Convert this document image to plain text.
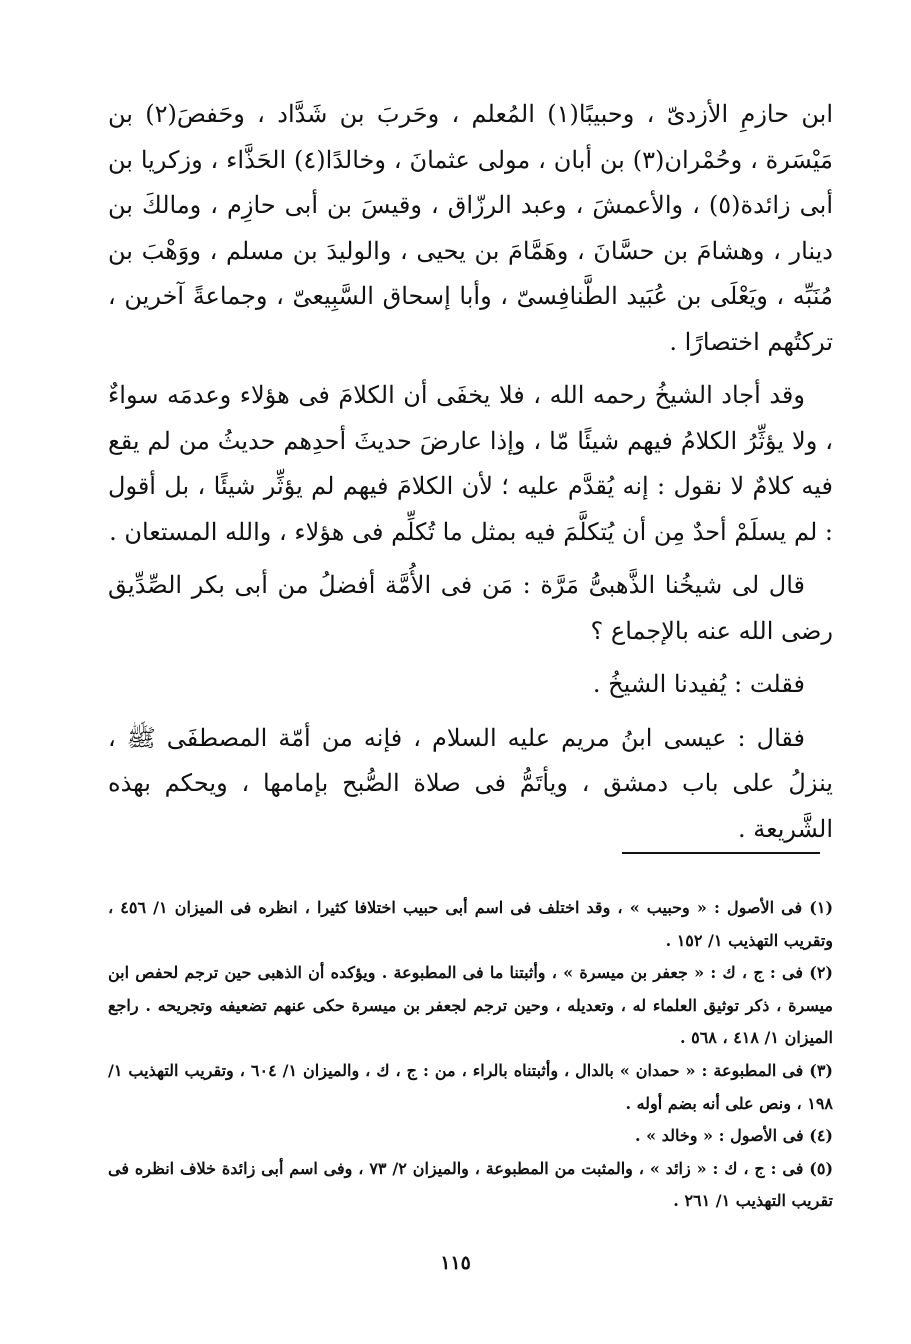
ابن حازمِ الأزدىّ ، وحبيبًا(١) المُعلم ، وحَربَ بن شَدَّاد ، وحَفصَ(٢) بن مَيْسَرة ، وحُمْران(٣) بن أبان ، مولى عثمانَ ، وخالدًا(٤) الحَذَّاء ، وزكريا بن أبى زائدة(٥) ، والأعمشَ ، وعبد الرزّاق ، وقيسَ بن أبى حازِم ، ومالكَ بن دينار ، وهشامَ بن حسَّانَ ، وهَمَّامَ بن يحيى ، والوليدَ بن مسلم ، ووَهْبَ بن مُنَبِّه ، ويَعْلَى بن عُبَيد الطَّنافِسىّ ، وأبا إسحاق السَّبِيعىّ ، وجماعةً آخرين ، تركتُهم اختصارًا .

وقد أجاد الشيخُ رحمه الله ، فلا يخفَى أن الكلامَ فى هؤلاء وعدمَه سواءٌ ، ولا يؤثِّرُ الكلامُ فيهم شيئًا مّا ، وإذا عارضَ حديثَ أحدِهم حديثُ من لم يقع فيه كلامٌ لا نقول : إنه يُقدَّم عليه ؛ لأن الكلامَ فيهم لم يؤثِّر شيئًا ، بل أقول : لم يسلَمْ أحدٌ مِن أن يُتكلَّمَ فيه بمثل ما تُكلِّم فى هؤلاء ، والله المستعان .

قال لى شيخُنا الذَّهبىُّ مَرَّة : مَن فى الأُمَّة أفضلُ من أبى بكر الصِّدِّيق رضى الله عنه بالإجماع ؟

فقلت : يُفيدنا الشيخُ .

فقال : عيسى ابنُ مريم عليه السلام ، فإنه من أمّة المصطفَى ﷺ ، ينزلُ على باب دمشق ، ويأتَمُّ فى صلاة الصُّبح بإمامها ، ويحكم بهذه الشَّريعة .

(١) فى الأصول : « وحبيب » ، وقد اختلف فى اسم أبى حبيب اختلافا كثيرا ، انظره فى الميزان ١/ ٤٥٦ ، وتقريب التهذيب ١/ ١٥٢ .

(٢) فى : ج ، ك : « جعفر بن ميسرة » ، وأثبتنا ما فى المطبوعة . ويؤكده أن الذهبى حين ترجم لحفص ابن ميسرة ، ذكر توثيق العلماء له ، وتعديله ، وحين ترجم لجعفر بن ميسرة حكى عنهم تضعيفه وتجريحه . راجع الميزان ١/ ٤١٨ ، ٥٦٨ .

(٣) فى المطبوعة : « حمدان » بالدال ، وأثبتناه بالراء ، من : ج ، ك ، والميزان ١/ ٦٠٤ ، وتقريب التهذيب ١/ ١٩٨ ، ونص على أنه بضم أوله .

(٤) فى الأصول : « وخالد » .

(٥) فى : ج ، ك : « زائد » ، والمثبت من المطبوعة ، والميزان ٢/ ٧٣ ، وفى اسم أبى زائدة خلاف انظره فى تقريب التهذيب ١/ ٢٦١ .

١١٥
